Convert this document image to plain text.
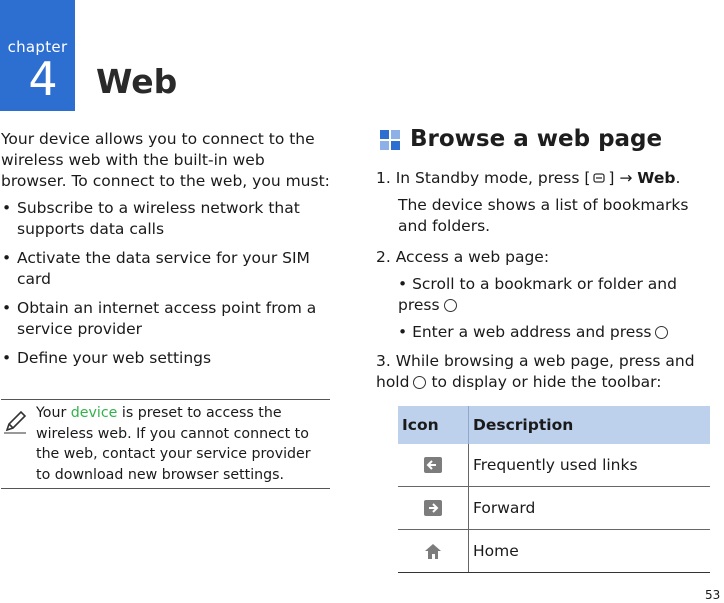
chapter
4	Web

Your device allows you to connect to the wireless web with the built-in web browser. To connect to the web, you must:

• Subscribe to a wireless network that supports data calls
• Activate the data service for your SIM card
• Obtain an internet access point from a service provider
• Define your web settings
Your device is preset to access the wireless web. If you cannot connect to the web, contact your service provider to download new browser settings.
Browse a web page

1. In Standby mode, press [ ] → Web.

The device shows a list of bookmarks and folders.

2. Access a web page:

• Scroll to a bookmark or folder and press

• Enter a web address and press

3. While browsing a web page, press and hold to display or hide the toolbar:

Icon	Description
	Frequently used links
	Forward
	Home
53
